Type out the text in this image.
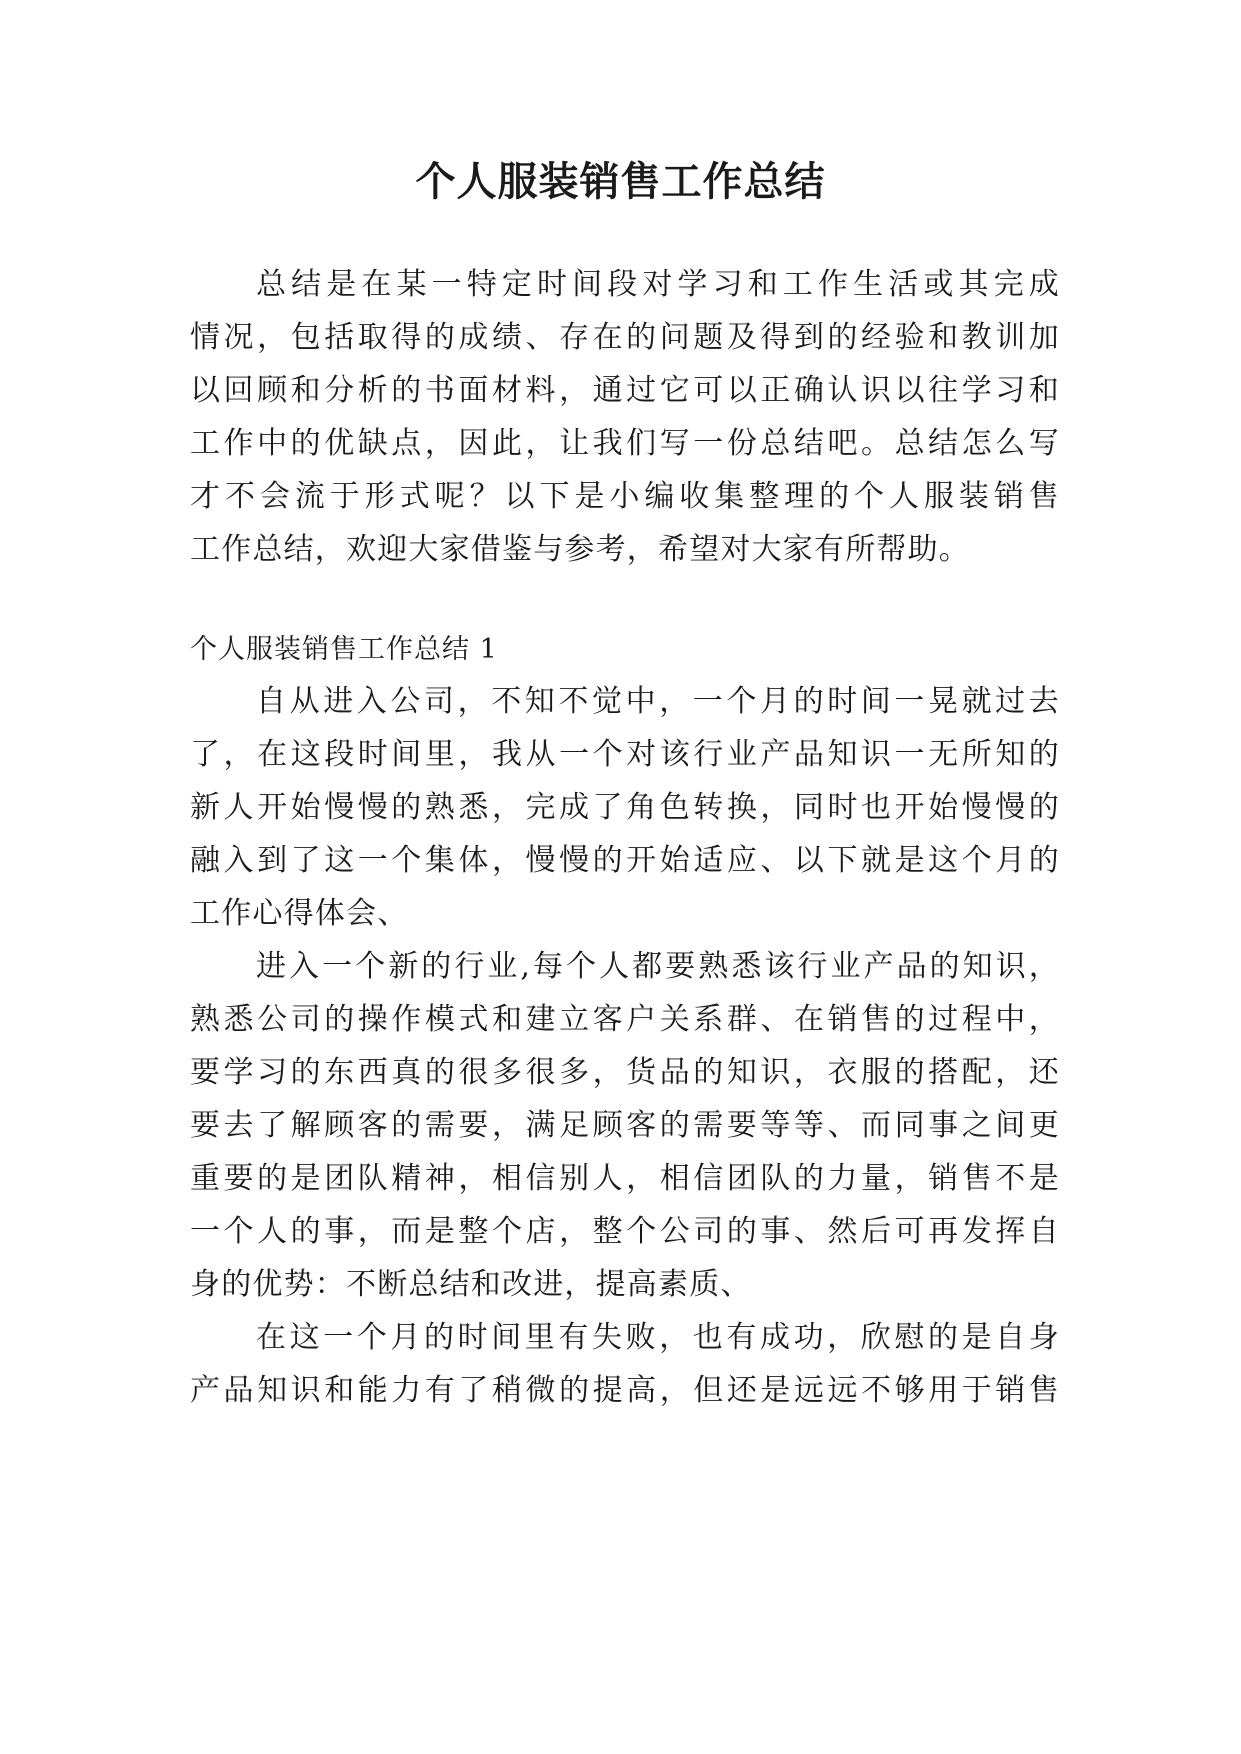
个人服装销售工作总结
总结是在某一特定时间段对学习和工作生活或其完成
情况，包括取得的成绩、存在的问题及得到的经验和教训加
以回顾和分析的书面材料，通过它可以正确认识以往学习和
工作中的优缺点，因此，让我们写一份总结吧。总结怎么写
才不会流于形式呢？以下是小编收集整理的个人服装销售
工作总结，欢迎大家借鉴与参考，希望对大家有所帮助。
个人服装销售工作总结 1
自从进入公司，不知不觉中，一个月的时间一晃就过去
了，在这段时间里，我从一个对该行业产品知识一无所知的
新人开始慢慢的熟悉，完成了角色转换，同时也开始慢慢的
融入到了这一个集体，慢慢的开始适应、以下就是这个月的
工作心得体会、
进入一个新的行业,每个人都要熟悉该行业产品的知识，
熟悉公司的操作模式和建立客户关系群、在销售的过程中，
要学习的东西真的很多很多，货品的知识，衣服的搭配，还
要去了解顾客的需要，满足顾客的需要等等、而同事之间更
重要的是团队精神，相信别人，相信团队的力量，销售不是
一个人的事，而是整个店，整个公司的事、然后可再发挥自
身的优势：不断总结和改进，提高素质、
在这一个月的时间里有失败，也有成功，欣慰的是自身
产品知识和能力有了稍微的提高，但还是远远不够用于销售
